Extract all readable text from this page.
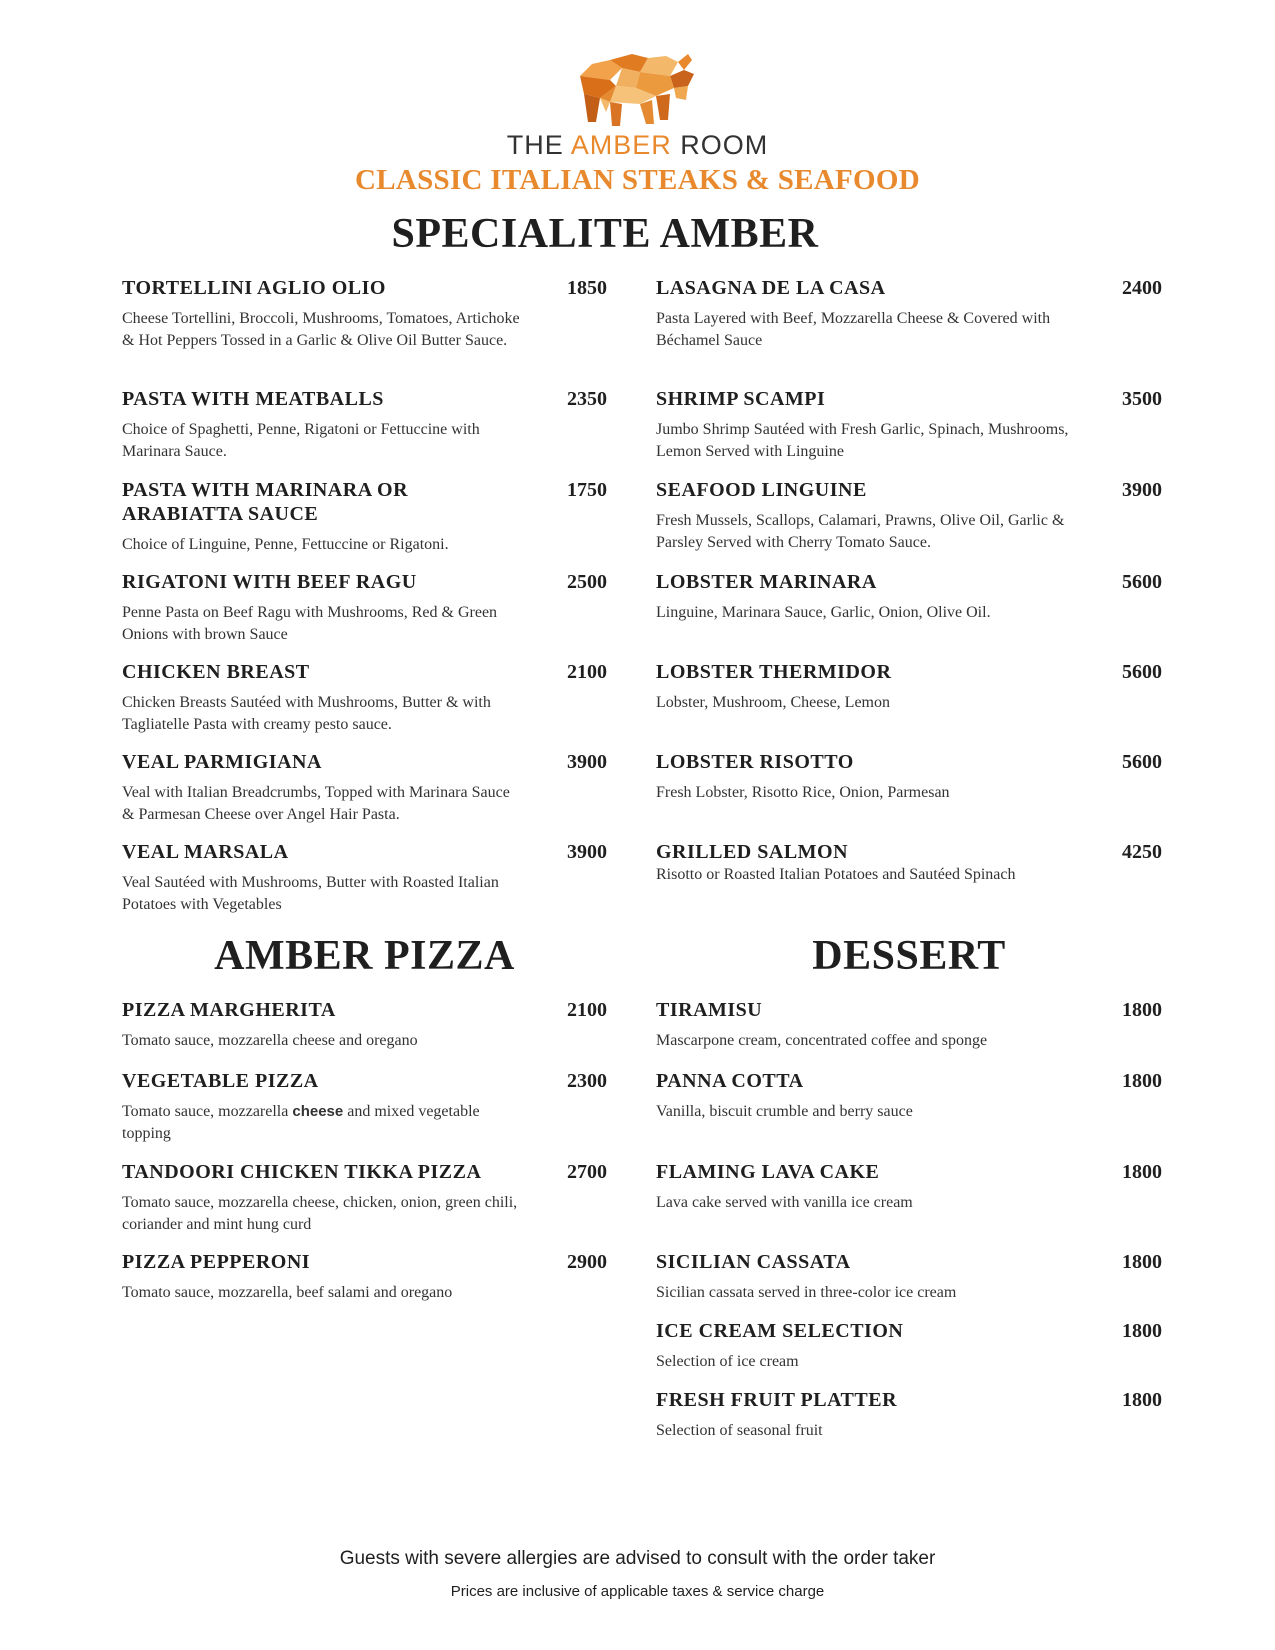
THE AMBER ROOM
CLASSIC ITALIAN STEAKS & SEAFOOD
SPECIALITE AMBER
TORTELLINI AGLIO OLIO	1850
Cheese Tortellini, Broccoli, Mushrooms, Tomatoes, Artichoke & Hot Peppers Tossed in a Garlic & Olive Oil Butter Sauce.
PASTA WITH MEATBALLS	2350
Choice of Spaghetti, Penne, Rigatoni or Fettuccine with Marinara Sauce.
PASTA WITH MARINARA OR
ARABIATTA SAUCE
1750
Choice of Linguine, Penne, Fettuccine or Rigatoni.
RIGATONI WITH BEEF RAGU	2500
Penne Pasta on Beef Ragu with Mushrooms, Red & Green Onions with brown Sauce
CHICKEN BREAST	2100
Chicken Breasts Sautéed with Mushrooms, Butter & with Tagliatelle Pasta with creamy pesto sauce.
VEAL PARMIGIANA	3900
Veal with Italian Breadcrumbs, Topped with Marinara Sauce & Parmesan Cheese over Angel Hair Pasta.
VEAL MARSALA	3900
Veal Sautéed with Mushrooms, Butter with Roasted Italian Potatoes with Vegetables
LASAGNA DE LA CASA	2400
Pasta Layered with Beef, Mozzarella Cheese & Covered with Béchamel Sauce
SHRIMP SCAMPI	3500
Jumbo Shrimp Sautéed with Fresh Garlic, Spinach, Mushrooms, Lemon Served with Linguine
SEAFOOD LINGUINE	3900
Fresh Mussels, Scallops, Calamari, Prawns, Olive Oil, Garlic & Parsley Served with Cherry Tomato Sauce.
LOBSTER MARINARA	5600
Linguine, Marinara Sauce, Garlic, Onion, Olive Oil.
LOBSTER THERMIDOR	5600
Lobster, Mushroom, Cheese, Lemon
LOBSTER RISOTTO	5600
Fresh Lobster, Risotto Rice, Onion, Parmesan
GRILLED SALMON	4250
Risotto or Roasted Italian Potatoes and Sautéed Spinach
AMBER PIZZA	DESSERT
PIZZA MARGHERITA	2100
Tomato sauce, mozzarella cheese and oregano
VEGETABLE PIZZA	2300
Tomato sauce, mozzarella cheese and mixed vegetable topping
TANDOORI CHICKEN TIKKA PIZZA	2700
Tomato sauce, mozzarella cheese, chicken, onion, green chili, coriander and mint hung curd
PIZZA PEPPERONI	2900
Tomato sauce, mozzarella, beef salami and oregano
TIRAMISU	1800
Mascarpone cream, concentrated coffee and sponge
PANNA COTTA	1800
Vanilla, biscuit crumble and berry sauce
FLAMING LAVA CAKE	1800
Lava cake served with vanilla ice cream
SICILIAN CASSATA	1800
Sicilian cassata served in three-color ice cream
ICE CREAM SELECTION	1800
Selection of ice cream
FRESH FRUIT PLATTER	1800
Selection of seasonal fruit
Guests with severe allergies are advised to consult with the order taker
Prices are inclusive of applicable taxes & service charge
